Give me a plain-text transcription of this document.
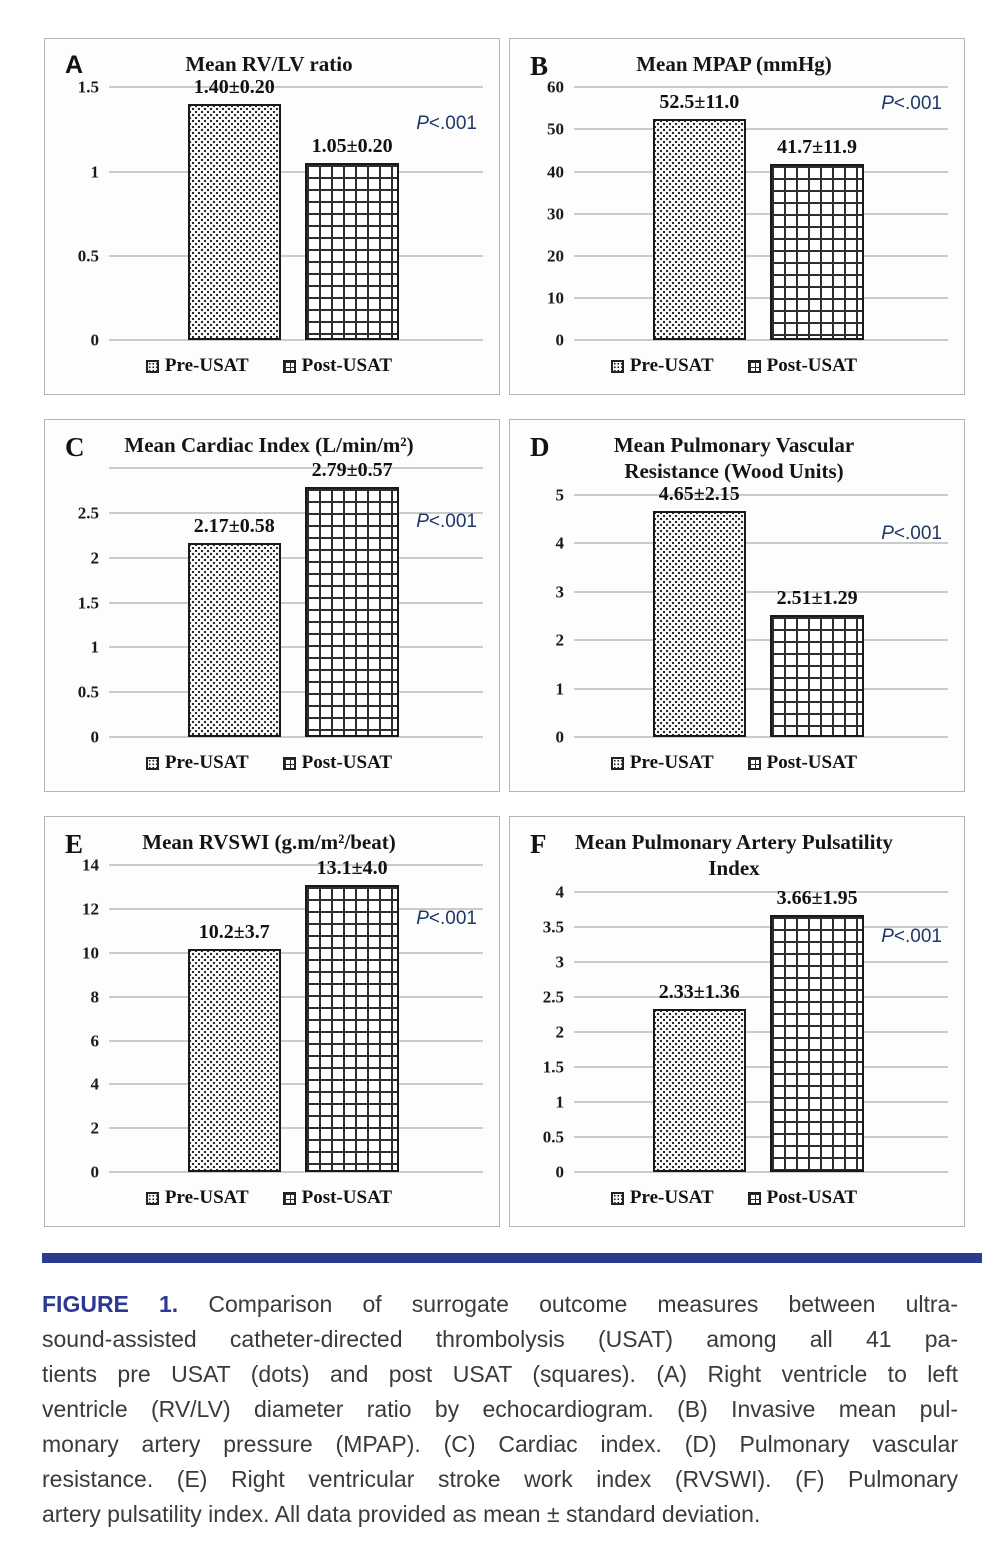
A	Mean RV/LV ratio
0
0.5
1
1.5	1.40±0.20
1.05±0.20
P<.001
Pre-USAT	Post-USAT
B	Mean MPAP (mmHg)
0
10
20
30
40
50
60
52.5±11.0
41.7±11.9
P<.001
Pre-USAT	Post-USAT
C Mean Cardiac Index (L/min/m²)
0
0.5
1
1.5
2
2.5
2.17±0.58
2.79±0.57
P<.001
Pre-USAT	Post-USAT
D	Mean Pulmonary Vascular Resistance (Wood Units)
0
1
2
3
4
5	4.65±2.15
2.51±1.29
P<.001
Pre-USAT	Post-USAT
E	Mean RVSWI (g.m/m²/beat)
0
2
4
6
8
10
12
14
10.2±3.7
13.1±4.0
P<.001
Pre-USAT	Post-USAT
F Mean Pulmonary Artery Pulsatility Index
0
0.5
1
1.5
2
2.5
3
3.5
4
2.33±1.36
3.66±1.95
P<.001
Pre-USAT	Post-USAT
FIGURE 1. Comparison of surrogate outcome measures between ultra-
sound-assisted catheter-directed thrombolysis (USAT) among all 41 pa-
tients pre USAT (dots) and post USAT (squares). (A) Right ventricle to left
ventricle (RV/LV) diameter ratio by echocardiogram. (B) Invasive mean pul-
monary artery pressure (MPAP). (C) Cardiac index. (D) Pulmonary vascular
resistance. (E) Right ventricular stroke work index (RVSWI). (F) Pulmonary
artery pulsatility index. All data provided as mean ± standard deviation.
